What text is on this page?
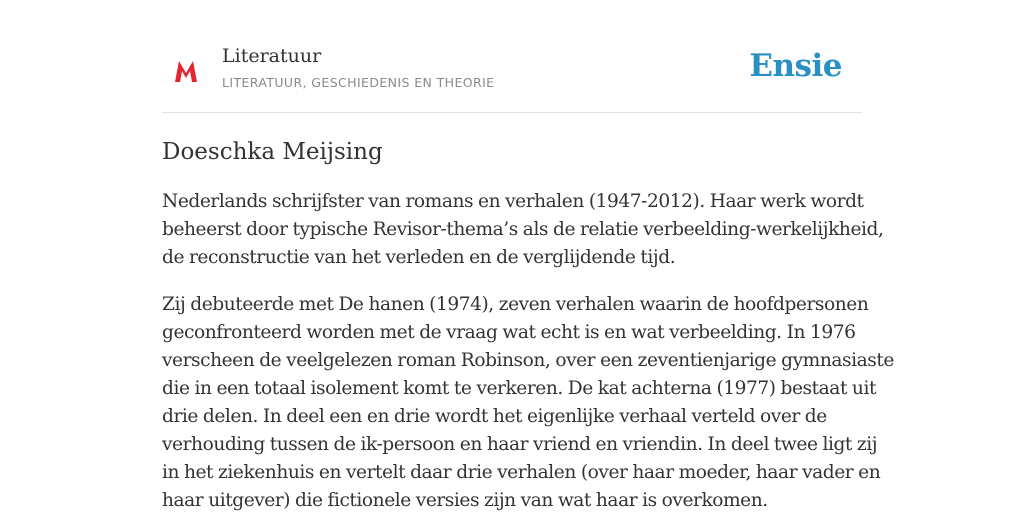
Literatuur
LITERATUUR, GESCHIEDENIS EN THEORIE	Ensie
Doeschka Meijsing

Nederlands schrijfster van romans en verhalen (1947-2012). Haar werk wordt
beheerst door typische Revisor-thema’s als de relatie verbeelding-werkelijkheid,
de reconstructie van het verleden en de verglijdende tijd.

Zij debuteerde met De hanen (1974), zeven verhalen waarin de hoofdpersonen
geconfronteerd worden met de vraag wat echt is en wat verbeelding. In 1976
verscheen de veelgelezen roman Robinson, over een zeventienjarige gymnasiaste
die in een totaal isolement komt te verkeren. De kat achterna (1977) bestaat uit
drie delen. In deel een en drie wordt het eigenlijke verhaal verteld over de
verhouding tussen de ik-persoon en haar vriend en vriendin. In deel twee ligt zij
in het ziekenhuis en vertelt daar drie verhalen (over haar moeder, haar vader en
haar uitgever) die fictionele versies zijn van wat haar is overkomen.
